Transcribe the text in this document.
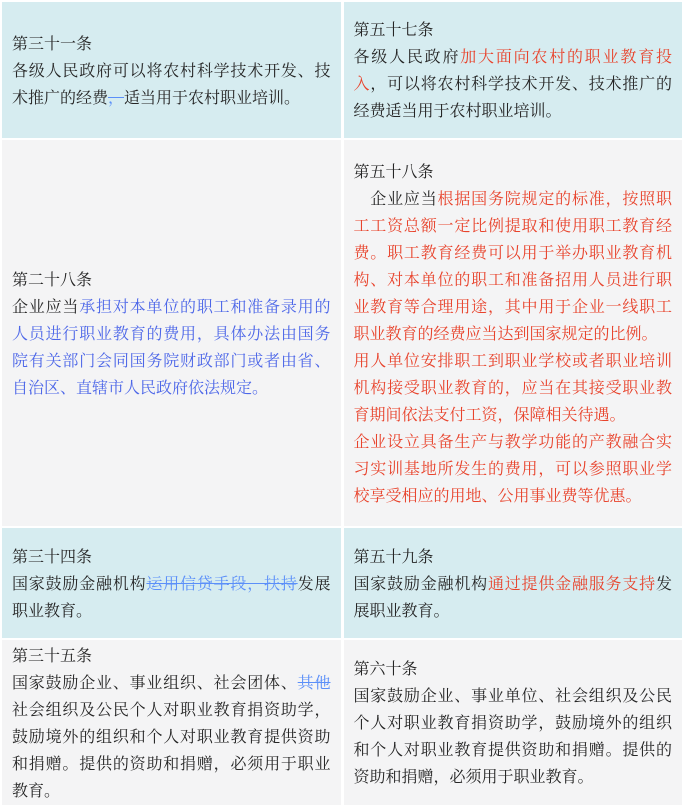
第三十一条

各级人民政府可以将农村科学技术开发、技术推广的经费，适当用于农村职业培训。

第五十七条

各级人民政府加大面向农村的职业教育投入，可以将农村科学技术开发、技术推广的经费适当用于农村职业培训。

第二十八条

企业应当承担对本单位的职工和准备录用的人员进行职业教育的费用，具体办法由国务院有关部门会同国务院财政部门或者由省、自治区、直辖市人民政府依法规定。

第五十八条

　企业应当根据国务院规定的标准，按照职工工资总额一定比例提取和使用职工教育经费。职工教育经费可以用于举办职业教育机构、对本单位的职工和准备招用人员进行职业教育等合理用途，其中用于企业一线职工职业教育的经费应当达到国家规定的比例。

用人单位安排职工到职业学校或者职业培训机构接受职业教育的，应当在其接受职业教育期间依法支付工资，保障相关待遇。

企业设立具备生产与教学功能的产教融合实习实训基地所发生的费用，可以参照职业学校享受相应的用地、公用事业费等优惠。

第三十四条

国家鼓励金融机构运用信贷手段，扶持发展职业教育。

第五十九条

国家鼓励金融机构通过提供金融服务支持发展职业教育。

第三十五条

国家鼓励企业、事业组织、社会团体、其他社会组织及公民个人对职业教育捐资助学，鼓励境外的组织和个人对职业教育提供资助和捐赠。提供的资助和捐赠，必须用于职业教育。

第六十条

国家鼓励企业、事业单位、社会组织及公民个人对职业教育捐资助学，鼓励境外的组织和个人对职业教育提供资助和捐赠。提供的资助和捐赠，必须用于职业教育。
